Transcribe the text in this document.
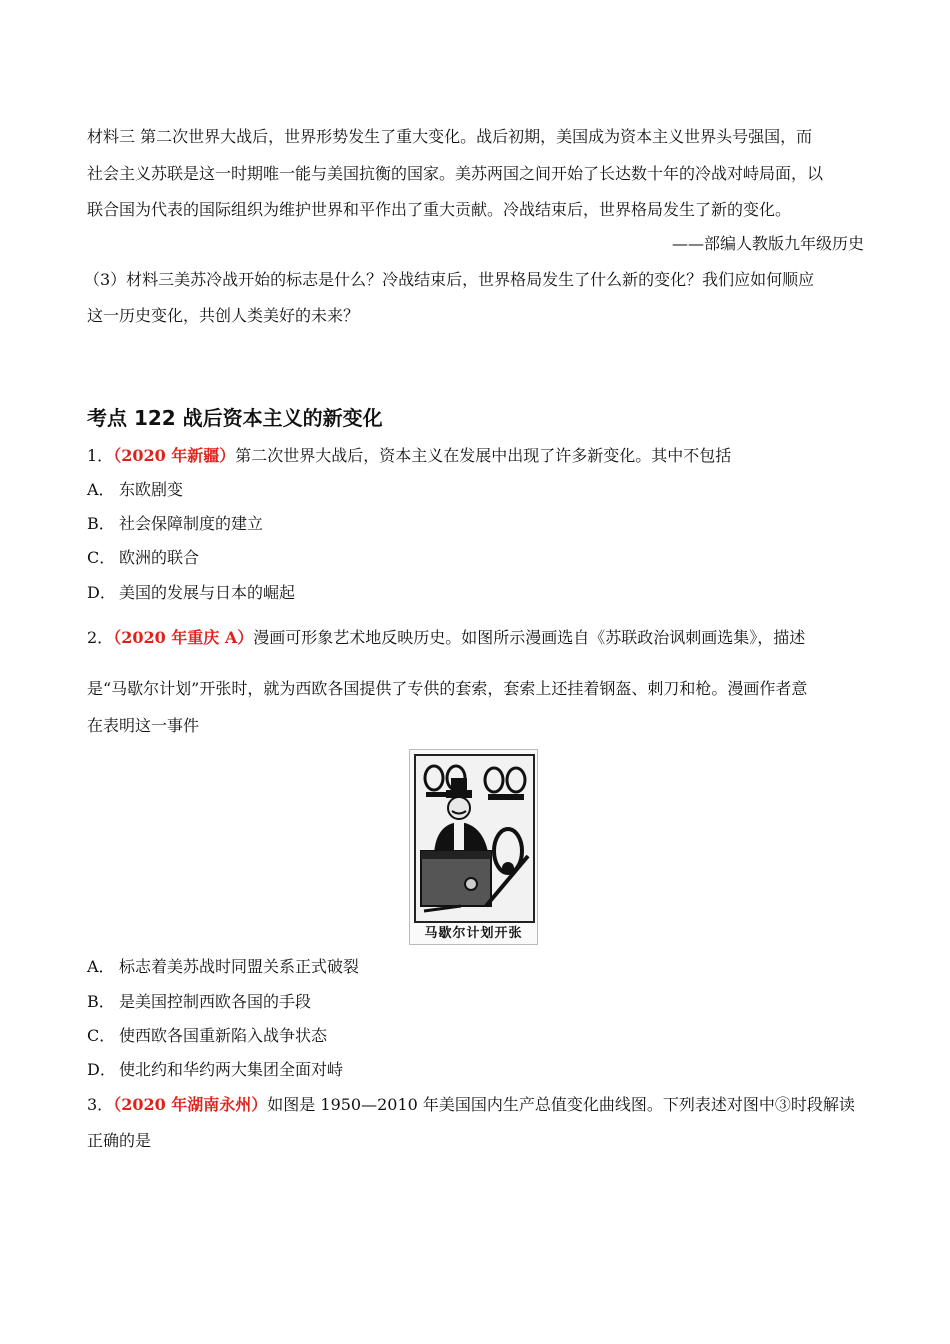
材料三 第二次世界大战后，世界形势发生了重大变化。战后初期，美国成为资本主义世界头号强国，而
社会主义苏联是这一时期唯一能与美国抗衡的国家。美苏两国之间开始了长达数十年的冷战对峙局面，以
联合国为代表的国际组织为维护世界和平作出了重大贡献。冷战结束后，世界格局发生了新的变化。
——部编人教版九年级历史
（3）材料三美苏冷战开始的标志是什么？冷战结束后，世界格局发生了什么新的变化？我们应如何顺应
这一历史变化，共创人类美好的未来？
考点 122 战后资本主义的新变化
1．（2020 年新疆）第二次世界大战后，资本主义在发展中出现了许多新变化。其中不包括
A． 东欧剧变
B． 社会保障制度的建立
C． 欧洲的联合
D． 美国的发展与日本的崛起
2．（2020 年重庆 A）漫画可形象艺术地反映历史。如图所示漫画选自《苏联政治讽刺画选集》，描述
是“马歇尔计划”开张时，就为西欧各国提供了专供的套索，套索上还挂着钢盔、刺刀和枪。漫画作者意
在表明这一事件
马歇尔计划开张
A． 标志着美苏战时同盟关系正式破裂
B． 是美国控制西欧各国的手段
C． 使西欧各国重新陷入战争状态
D． 使北约和华约两大集团全面对峙
3．（2020 年湖南永州）如图是 1950—2010 年美国国内生产总值变化曲线图。下列表述对图中③时段解读
正确的是
